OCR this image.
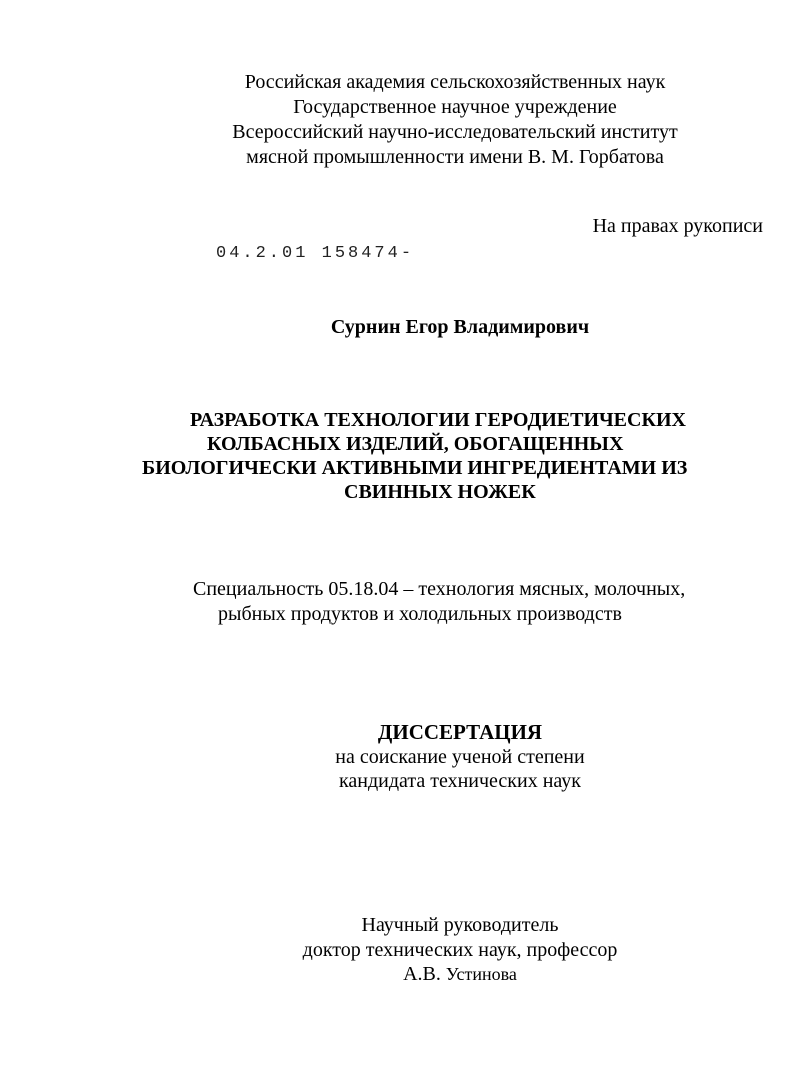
Российская академия сельскохозяйственных наук
Государственное научное учреждение
Всероссийский научно-исследовательский институт
мясной промышленности имени В. М. Горбатова
На правах рукописи
04.2.01 158474-
Сурнин Егор Владимирович
РАЗРАБОТКА ТЕХНОЛОГИИ ГЕРОДИЕТИЧЕСКИХ
КОЛБАСНЫХ ИЗДЕЛИЙ, ОБОГАЩЕННЫХ
БИОЛОГИЧЕСКИ АКТИВНЫМИ ИНГРЕДИЕНТАМИ ИЗ
СВИННЫХ НОЖЕК
Специальность 05.18.04 – технология мясных, молочных,
рыбных продуктов и холодильных производств
ДИССЕРТАЦИЯ
на соискание ученой степени
кандидата технических наук
Научный руководитель
доктор технических наук, профессор
А.В. Устинова
